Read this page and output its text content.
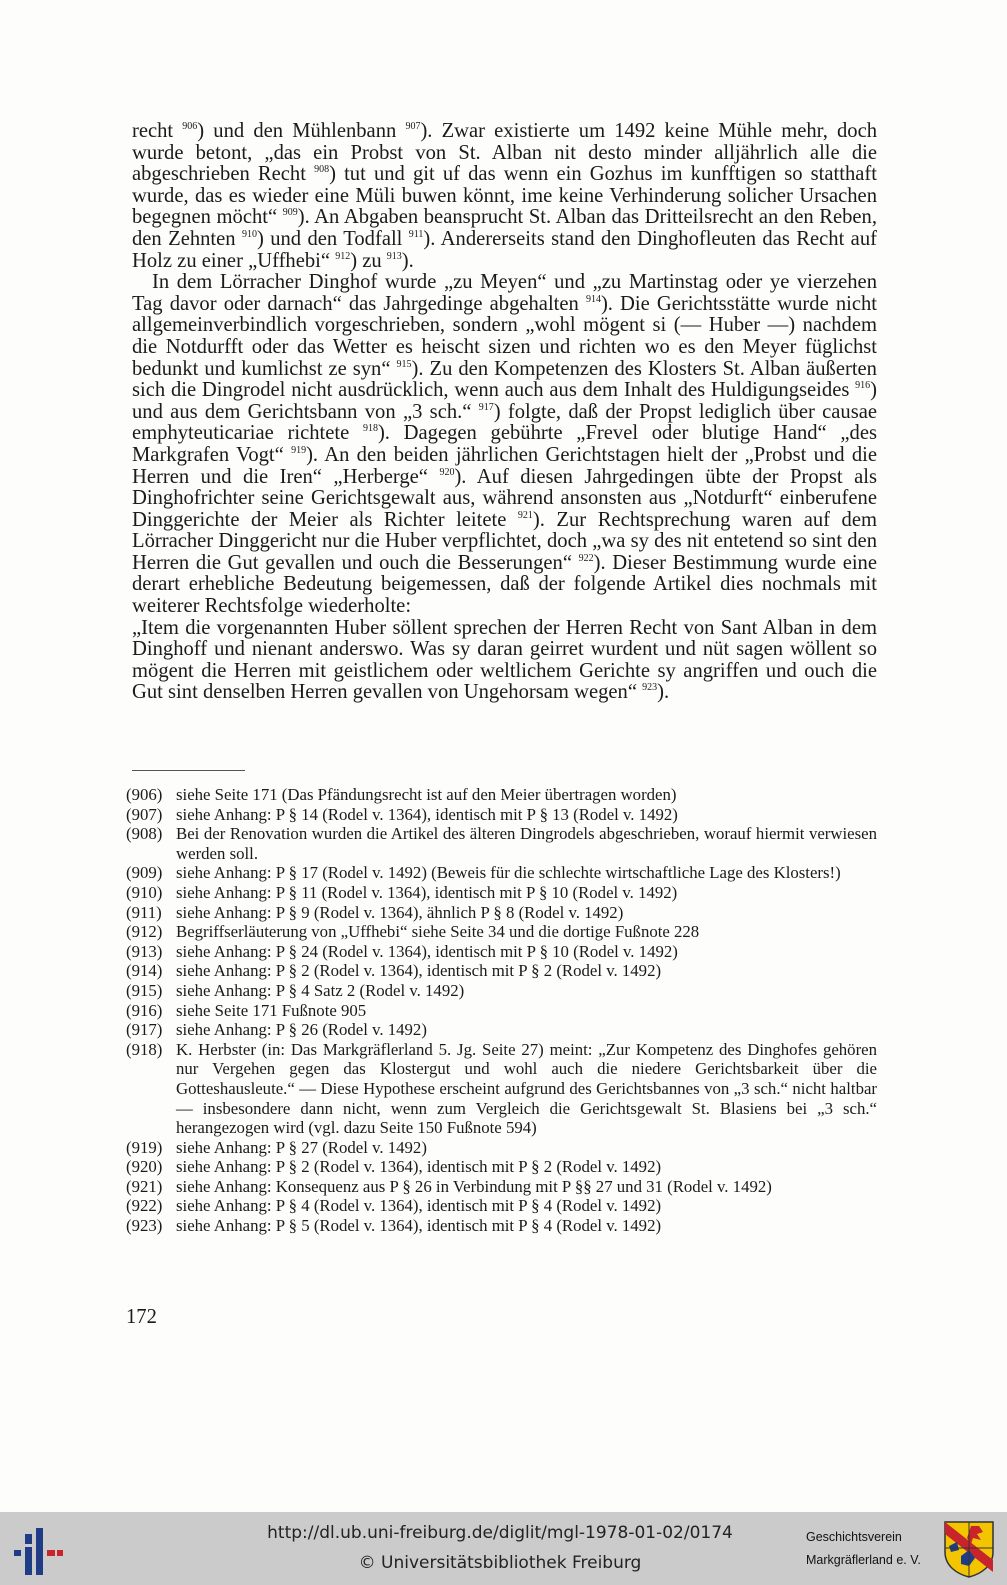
recht $^{906}$) und den Mühlenbann $^{907}$). Zwar existierte um 1492 keine Mühle mehr, doch wurde betont, „das ein Probst von St. Alban nit desto minder alljährlich alle die abgeschrieben Recht $^{908}$) tut und git uf das wenn ein Gozhus im kunfftigen so statthaft wurde, das es wieder eine Müli buwen könnt, ime keine Verhinderung solicher Ursachen begegnen möcht“ $^{909}$). An Abgaben beansprucht St. Alban das Dritteilsrecht an den Reben, den Zehnten $^{910}$) und den Todfall $^{911}$). Andererseits stand den Dinghofleuten das Recht auf Holz zu einer „Uffhebi“ $^{912}$) zu $^{913}$).

In dem Lörracher Dinghof wurde „zu Meyen“ und „zu Martinstag oder ye vierzehen Tag davor oder darnach“ das Jahrgedinge abgehalten $^{914}$). Die Gerichtsstätte wurde nicht allgemeinverbindlich vorgeschrieben, sondern „wohl mögent si (— Huber —) nachdem die Notdurfft oder das Wetter es heischt sizen und richten wo es den Meyer füglichst bedunkt und kumlichst ze syn“ $^{915}$). Zu den Kompetenzen des Klosters St. Alban äußerten sich die Dingrodel nicht ausdrücklich, wenn auch aus dem Inhalt des Huldigungseides $^{916}$) und aus dem Gerichtsbann von „3 sch.“ $^{917}$) folgte, daß der Propst lediglich über causae emphyteuticariae richtete $^{918}$). Dagegen gebührte „Frevel oder blutige Hand“ „des Markgrafen Vogt“ $^{919}$). An den beiden jährlichen Gerichtstagen hielt der „Probst und die Herren und die Iren“ „Herberge“ $^{920}$). Auf diesen Jahrgedingen übte der Propst als Dinghofrichter seine Gerichtsgewalt aus, während ansonsten aus „Notdurft“ einberufene Dinggerichte der Meier als Richter leitete $^{921}$). Zur Rechtsprechung waren auf dem Lörracher Dinggericht nur die Huber verpflichtet, doch „wa sy des nit entetend so sint den Herren die Gut gevallen und ouch die Besserungen“ $^{922}$). Dieser Bestimmung wurde eine derart erhebliche Bedeutung beigemessen, daß der folgende Artikel dies nochmals mit weiterer Rechtsfolge wiederholte:

„Item die vorgenannten Huber söllent sprechen der Herren Recht von Sant Alban in dem Dinghoff und nienant anderswo. Was sy daran geirret wurdent und nüt sagen wöllent so mögent die Herren mit geistlichem oder weltlichem Gerichte sy angriffen und ouch die Gut sint denselben Herren gevallen von Ungehorsam wegen“ $^{923}$).

(906) siehe Seite 171 (Das Pfändungsrecht ist auf den Meier übertragen worden)
(907) siehe Anhang: P § 14 (Rodel v. 1364), identisch mit P § 13 (Rodel v. 1492)
(908) Bei der Renovation wurden die Artikel des älteren Dingrodels abgeschrieben, worauf hiermit verwiesen werden soll.
(909) siehe Anhang: P § 17 (Rodel v. 1492) (Beweis für die schlechte wirtschaftliche Lage des Klosters!)
(910) siehe Anhang: P § 11 (Rodel v. 1364), identisch mit P § 10 (Rodel v. 1492)
(911) siehe Anhang: P § 9 (Rodel v. 1364), ähnlich P § 8 (Rodel v. 1492)
(912) Begriffserläuterung von „Uffhebi“ siehe Seite 34 und die dortige Fußnote 228
(913) siehe Anhang: P § 24 (Rodel v. 1364), identisch mit P § 10 (Rodel v. 1492)
(914) siehe Anhang: P § 2 (Rodel v. 1364), identisch mit P § 2 (Rodel v. 1492)
(915) siehe Anhang: P § 4 Satz 2 (Rodel v. 1492)
(916) siehe Seite 171 Fußnote 905
(917) siehe Anhang: P § 26 (Rodel v. 1492)
(918) K. Herbster (in: Das Markgräflerland 5. Jg. Seite 27) meint: „Zur Kompetenz des Dinghofes gehören nur Vergehen gegen das Klostergut und wohl auch die niedere Gerichtsbarkeit über die Gotteshausleute.“ — Diese Hypothese erscheint aufgrund des Gerichtsbannes von „3 sch.“ nicht haltbar — insbesondere dann nicht, wenn zum Vergleich die Gerichtsgewalt St. Blasiens bei „3 sch.“ herangezogen wird (vgl. dazu Seite 150 Fußnote 594)
(919) siehe Anhang: P § 27 (Rodel v. 1492)
(920) siehe Anhang: P § 2 (Rodel v. 1364), identisch mit P § 2 (Rodel v. 1492)
(921) siehe Anhang: Konsequenz aus P § 26 in Verbindung mit P §§ 27 und 31 (Rodel v. 1492)
(922) siehe Anhang: P § 4 (Rodel v. 1364), identisch mit P § 4 (Rodel v. 1492)
(923) siehe Anhang: P § 5 (Rodel v. 1364), identisch mit P § 4 (Rodel v. 1492)
172
http://dl.ub.uni-freiburg.de/diglit/mgl-1978-01-02/0174
© Universitätsbibliothek Freiburg
Geschichtsverein
Markgräflerland e. V.
